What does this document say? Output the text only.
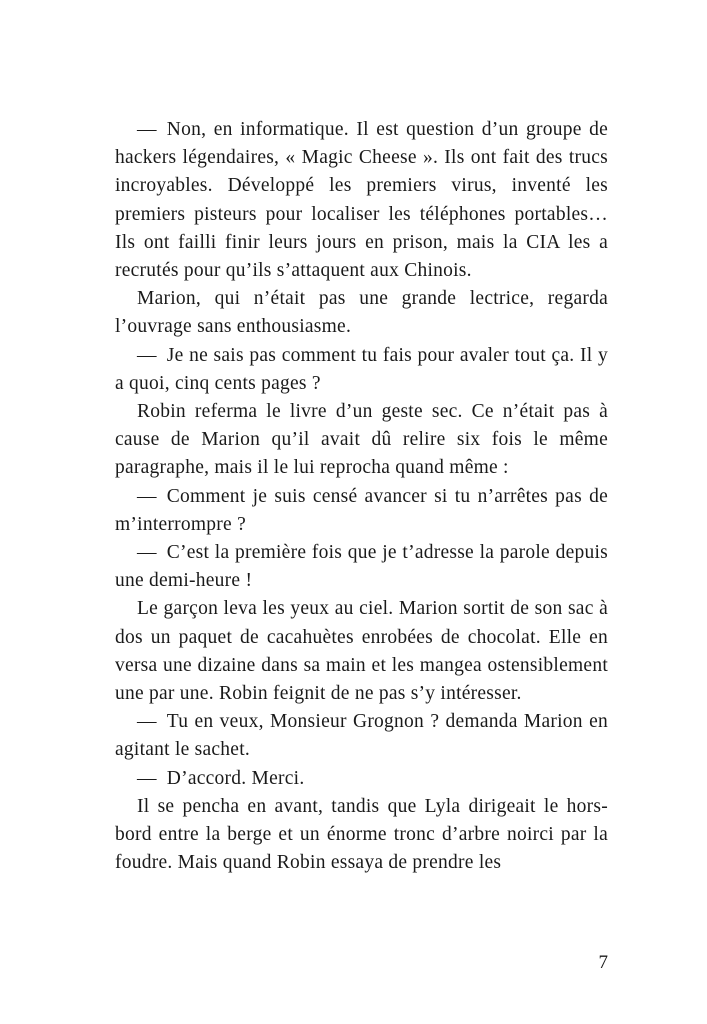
— Non, en informatique. Il est question d’un groupe de hackers légendaires, « Magic Cheese ». Ils ont fait des trucs incroyables. Développé les premiers virus, inventé les premiers pisteurs pour localiser les téléphones portables… Ils ont failli finir leurs jours en prison, mais la CIA les a recrutés pour qu’ils s’attaquent aux Chinois.

Marion, qui n’était pas une grande lectrice, regarda l’ouvrage sans enthousiasme.

— Je ne sais pas comment tu fais pour avaler tout ça. Il y a quoi, cinq cents pages ?

Robin referma le livre d’un geste sec. Ce n’était pas à cause de Marion qu’il avait dû relire six fois le même paragraphe, mais il le lui reprocha quand même :

— Comment je suis censé avancer si tu n’arrêtes pas de m’interrompre ?

— C’est la première fois que je t’adresse la parole depuis une demi-heure !

Le garçon leva les yeux au ciel. Marion sortit de son sac à dos un paquet de cacahuètes enrobées de chocolat. Elle en versa une dizaine dans sa main et les mangea ostensiblement une par une. Robin feignit de ne pas s’y intéresser.

— Tu en veux, Monsieur Grognon ? demanda Marion en agitant le sachet.

— D’accord. Merci.

Il se pencha en avant, tandis que Lyla dirigeait le hors-bord entre la berge et un énorme tronc d’arbre noirci par la foudre. Mais quand Robin essaya de prendre les

7
